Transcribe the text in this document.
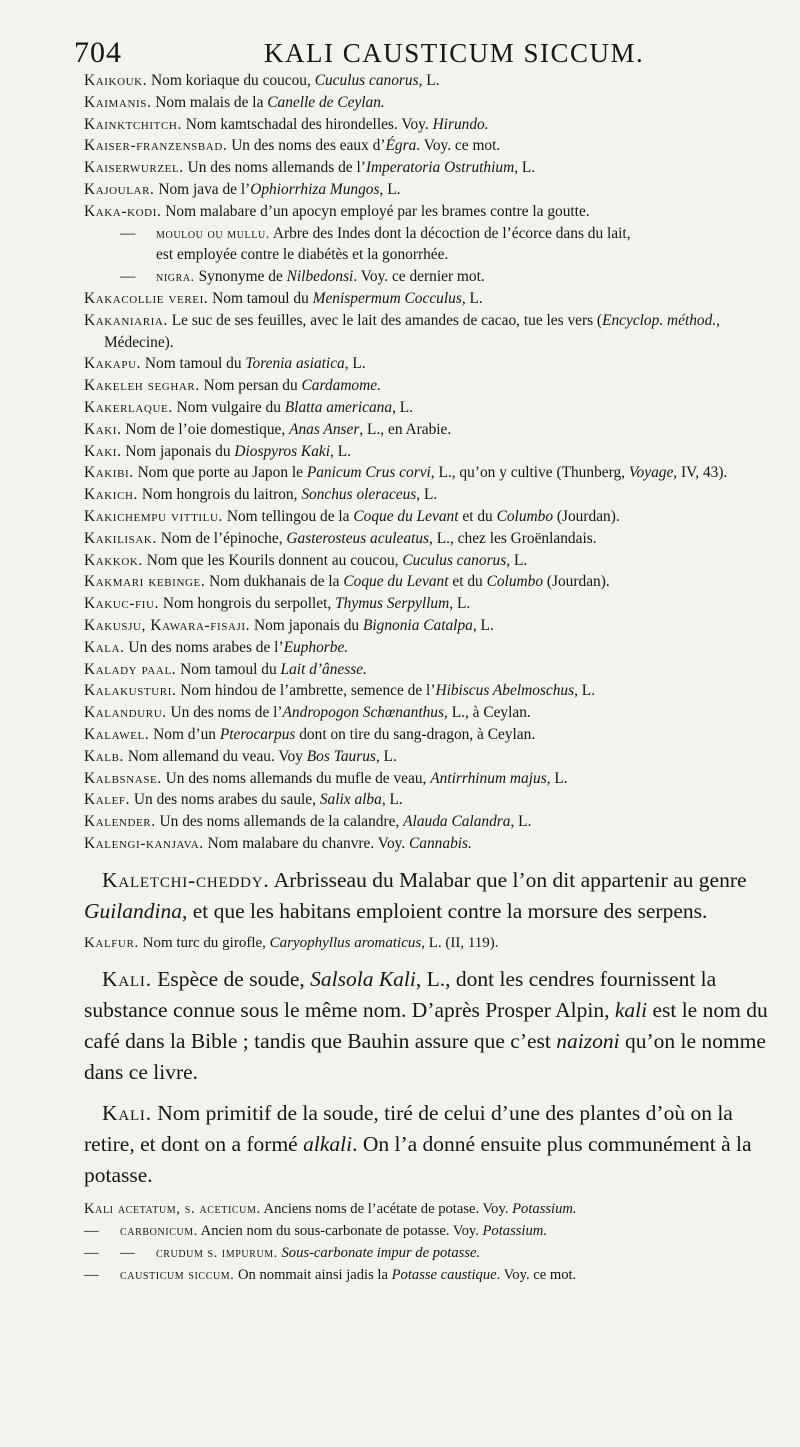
704	KALI CAUSTICUM SICCUM.

Kaikouk. Nom koriaque du coucou, Cuculus canorus, L.

Kaimanis. Nom malais de la Canelle de Ceylan.

Kainktchitch. Nom kamtschadal des hirondelles. Voy. Hirundo.

Kaiser-franzensbad. Un des noms des eaux d’Égra. Voy. ce mot.

Kaiserwurzel. Un des noms allemands de l’Imperatoria Ostruthium, L.

Kajoular. Nom java de l’Ophiorrhiza Mungos, L.

Kaka-kodi. Nom malabare d’un apocyn employé par les brames contre la goutte.

— moulou ou mullu. Arbre des Indes dont la décoction de l’écorce dans du lait,
est employée contre le diabétès et la gonorrhée.

— nigra. Synonyme de Nilbedonsi. Voy. ce dernier mot.

Kakacollie verei. Nom tamoul du Menispermum Cocculus, L.

Kakaniaria. Le suc de ses feuilles, avec le lait des amandes de cacao, tue les vers (Encyclop. méthod., Médecine).

Kakapu. Nom tamoul du Torenia asiatica, L.

Kakeleh seghar. Nom persan du Cardamome.

Kakerlaque. Nom vulgaire du Blatta americana, L.

Kaki. Nom de l’oie domestique, Anas Anser, L., en Arabie.

Kaki. Nom japonais du Diospyros Kaki, L.

Kakibi. Nom que porte au Japon le Panicum Crus corvi, L., qu’on y cultive (Thunberg, Voyage, IV, 43).

Kakich. Nom hongrois du laitron, Sonchus oleraceus, L.

Kakichempu vittilu. Nom tellingou de la Coque du Levant et du Columbo (Jourdan).

Kakilisak. Nom de l’épinoche, Gasterosteus aculeatus, L., chez les Groënlandais.

Kakkok. Nom que les Kourils donnent au coucou, Cuculus canorus, L.

Kakmari kebinge. Nom dukhanais de la Coque du Levant et du Columbo (Jourdan).

Kakuc-fiu. Nom hongrois du serpollet, Thymus Serpyllum, L.

Kakusju, Kawara-fisaji. Nom japonais du Bignonia Catalpa, L.

Kala. Un des noms arabes de l’Euphorbe.

Kalady paal. Nom tamoul du Lait d’ânesse.

Kalakusturi. Nom hindou de l’ambrette, semence de l’Hibiscus Abelmoschus, L.

Kalanduru. Un des noms de l’Andropogon Schœnanthus, L., à Ceylan.

Kalawel. Nom d’un Pterocarpus dont on tire du sang-dragon, à Ceylan.

Kalb. Nom allemand du veau. Voy Bos Taurus, L.

Kalbsnase. Un des noms allemands du mufle de veau, Antirrhinum majus, L.

Kalef. Un des noms arabes du saule, Salix alba, L.

Kalender. Un des noms allemands de la calandre, Alauda Calandra, L.

Kalengi-kanjava. Nom malabare du chanvre. Voy. Cannabis.

Kaletchi-cheddy. Arbrisseau du Malabar que l’on dit appartenir au genre Guilandina, et que les habitans emploient contre la morsure des serpens.

Kalfur. Nom turc du girofle, Caryophyllus aromaticus, L. (II, 119).

Kali. Espèce de soude, Salsola Kali, L., dont les cendres fournissent la substance connue sous le même nom. D’après Prosper Alpin, kali est le nom du café dans la Bible ; tandis que Bauhin assure que c’est naizoni qu’on le nomme dans ce livre.

Kali. Nom primitif de la soude, tiré de celui d’une des plantes d’où on la retire, et dont on a formé alkali. On l’a donné ensuite plus communément à la potasse.

Kali acetatum, s. aceticum. Anciens noms de l’acétate de potase. Voy. Potassium.

— carbonicum. Ancien nom du sous-carbonate de potasse. Voy. Potassium.

— — crudum s. impurum. Sous-carbonate impur de potasse.

— causticum siccum. On nommait ainsi jadis la Potasse caustique. Voy. ce mot.
